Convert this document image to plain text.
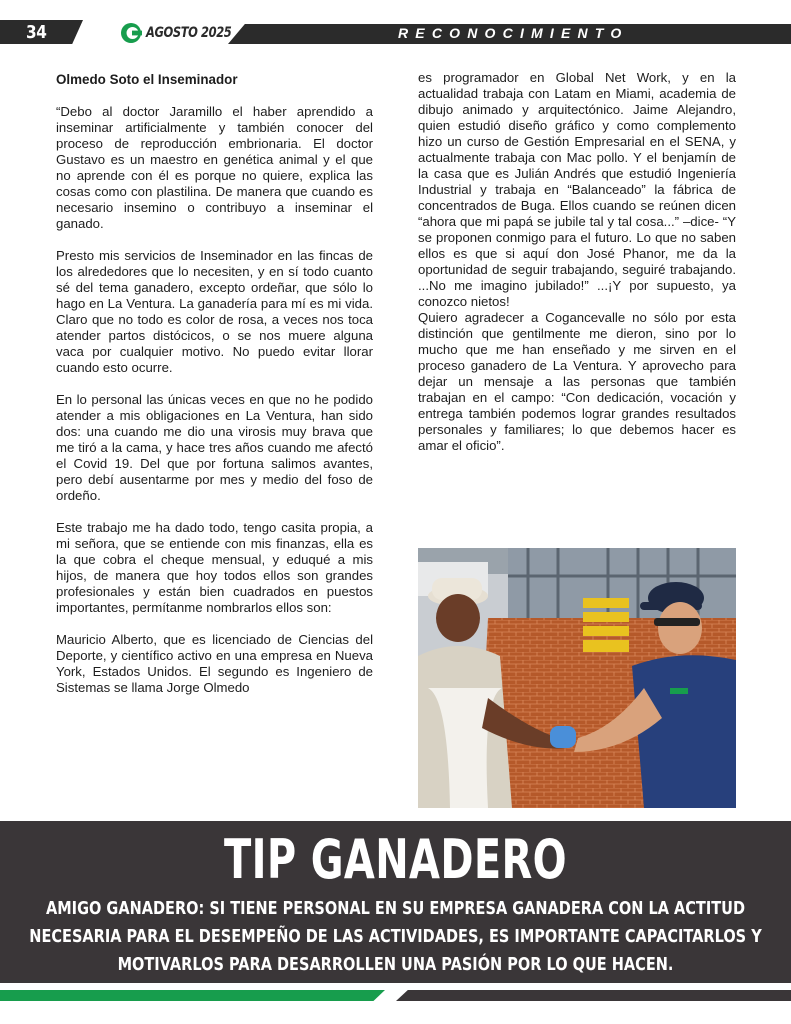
34	AGOSTO 2025	RECONOCIMIENTO
Olmedo Soto el Inseminador

“Debo al doctor Jaramillo el haber aprendido a inseminar artificialmente y también conocer del proceso de reproducción embrionaria. El doctor Gustavo es un maestro en genética animal y el que no aprende con él es porque no quiere, explica las cosas como con plastilina. De manera que cuando es necesario insemino o contribuyo a inseminar el ganado.

Presto mis servicios de Inseminador en las fincas de los alrededores que lo necesiten, y en sí todo cuanto sé del tema ganadero, excepto ordeñar, que sólo lo hago en La Ventura. La ganadería para mí es mi vida. Claro que no todo es color de rosa, a veces nos toca atender partos distócicos, o se nos muere alguna vaca por cualquier motivo. No puedo evitar llorar cuando esto ocurre.

En lo personal las únicas veces en que no he podido atender a mis obligaciones en La Ventura, han sido dos: una cuando me dio una virosis muy brava que me tiró a la cama, y hace tres años cuando me afectó el Covid 19. Del que por fortuna salimos avantes, pero debí ausentarme por mes y medio del foso de ordeño.

Este trabajo me ha dado todo, tengo casita propia, a mi señora, que se entiende con mis finanzas, ella es la que cobra el cheque mensual, y eduqué a mis hijos, de manera que hoy todos ellos son grandes profesionales y están bien cuadrados en puestos importantes, permítanme nombrarlos ellos son:

Mauricio Alberto, que es licenciado de Ciencias del Deporte, y científico activo en una empresa en Nueva York, Estados Unidos. El segundo es Ingeniero de Sistemas se llama Jorge Olmedo

es programador en Global Net Work, y en la actualidad trabaja con Latam en Miami, academia de dibujo animado y arquitectónico. Jaime Alejandro, quien estudió diseño gráfico y como complemento hizo un curso de Gestión Empresarial en el SENA, y actualmente trabaja con Mac pollo. Y el benjamín de la casa que es Julián Andrés que estudió Ingeniería Industrial y trabaja en “Balanceado” la fábrica de concentrados de Buga. Ellos cuando se reúnen dicen “ahora que mi papá se jubile tal y tal cosa...” –dice- “Y se proponen conmigo para el futuro. Lo que no saben ellos es que si aquí don José Phanor, me da la oportunidad de seguir trabajando, seguiré trabajando. ...No me imagino jubilado!” ...¡Y por supuesto, ya conozco nietos!

Quiero agradecer a Cogancevalle no sólo por esta distinción que gentilmente me dieron, sino por lo mucho que me han enseñado y me sirven en el proceso ganadero de La Ventura. Y aprovecho para dejar un mensaje a las personas que también trabajan en el campo: “Con dedicación, vocación y entrega también podemos lograr grandes resultados personales y familiares; lo que debemos hacer es amar el oficio”.

TIP GANADERO
AMIGO GANADERO: SI TIENE PERSONAL EN SU EMPRESA GANADERA CON LA ACTITUD NECESARIA PARA EL DESEMPEÑO DE LAS ACTIVIDADES, ES IMPORTANTE CAPACITARLOS Y MOTIVARLOS PARA DESARROLLEN UNA PASIÓN POR LO QUE HACEN.
